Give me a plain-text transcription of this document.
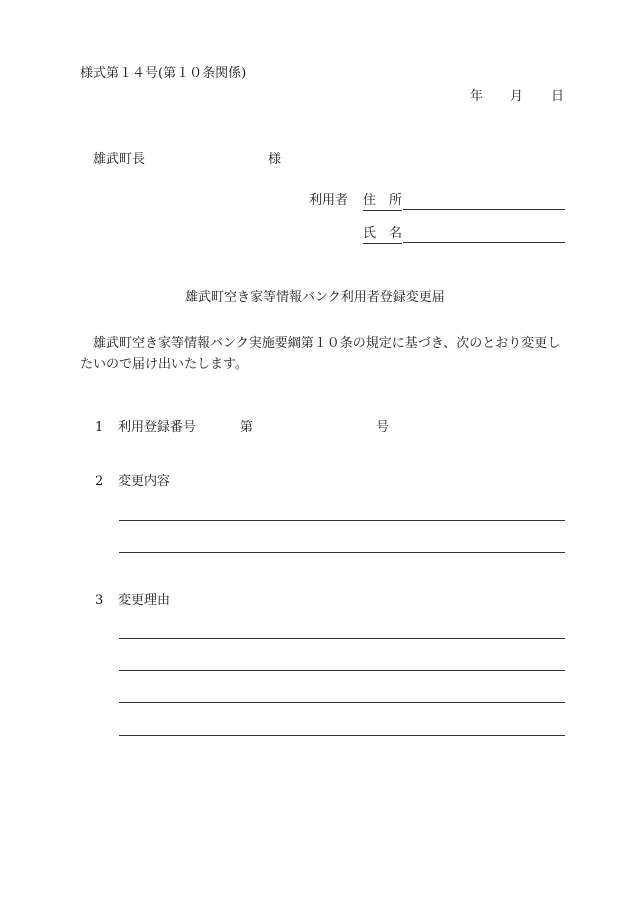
様式第１４号(第１０条関係)
年 月 日
雄武町長	様
利用者 住　所
氏　名
雄武町空き家等情報バンク利用者登録変更届
雄武町空き家等情報バンク実施要綱第１０条の規定に基づき、次のとおり変更したいので届け出いたします。
1 利用登録番号	第	号
2 変更内容
3 変更理由
